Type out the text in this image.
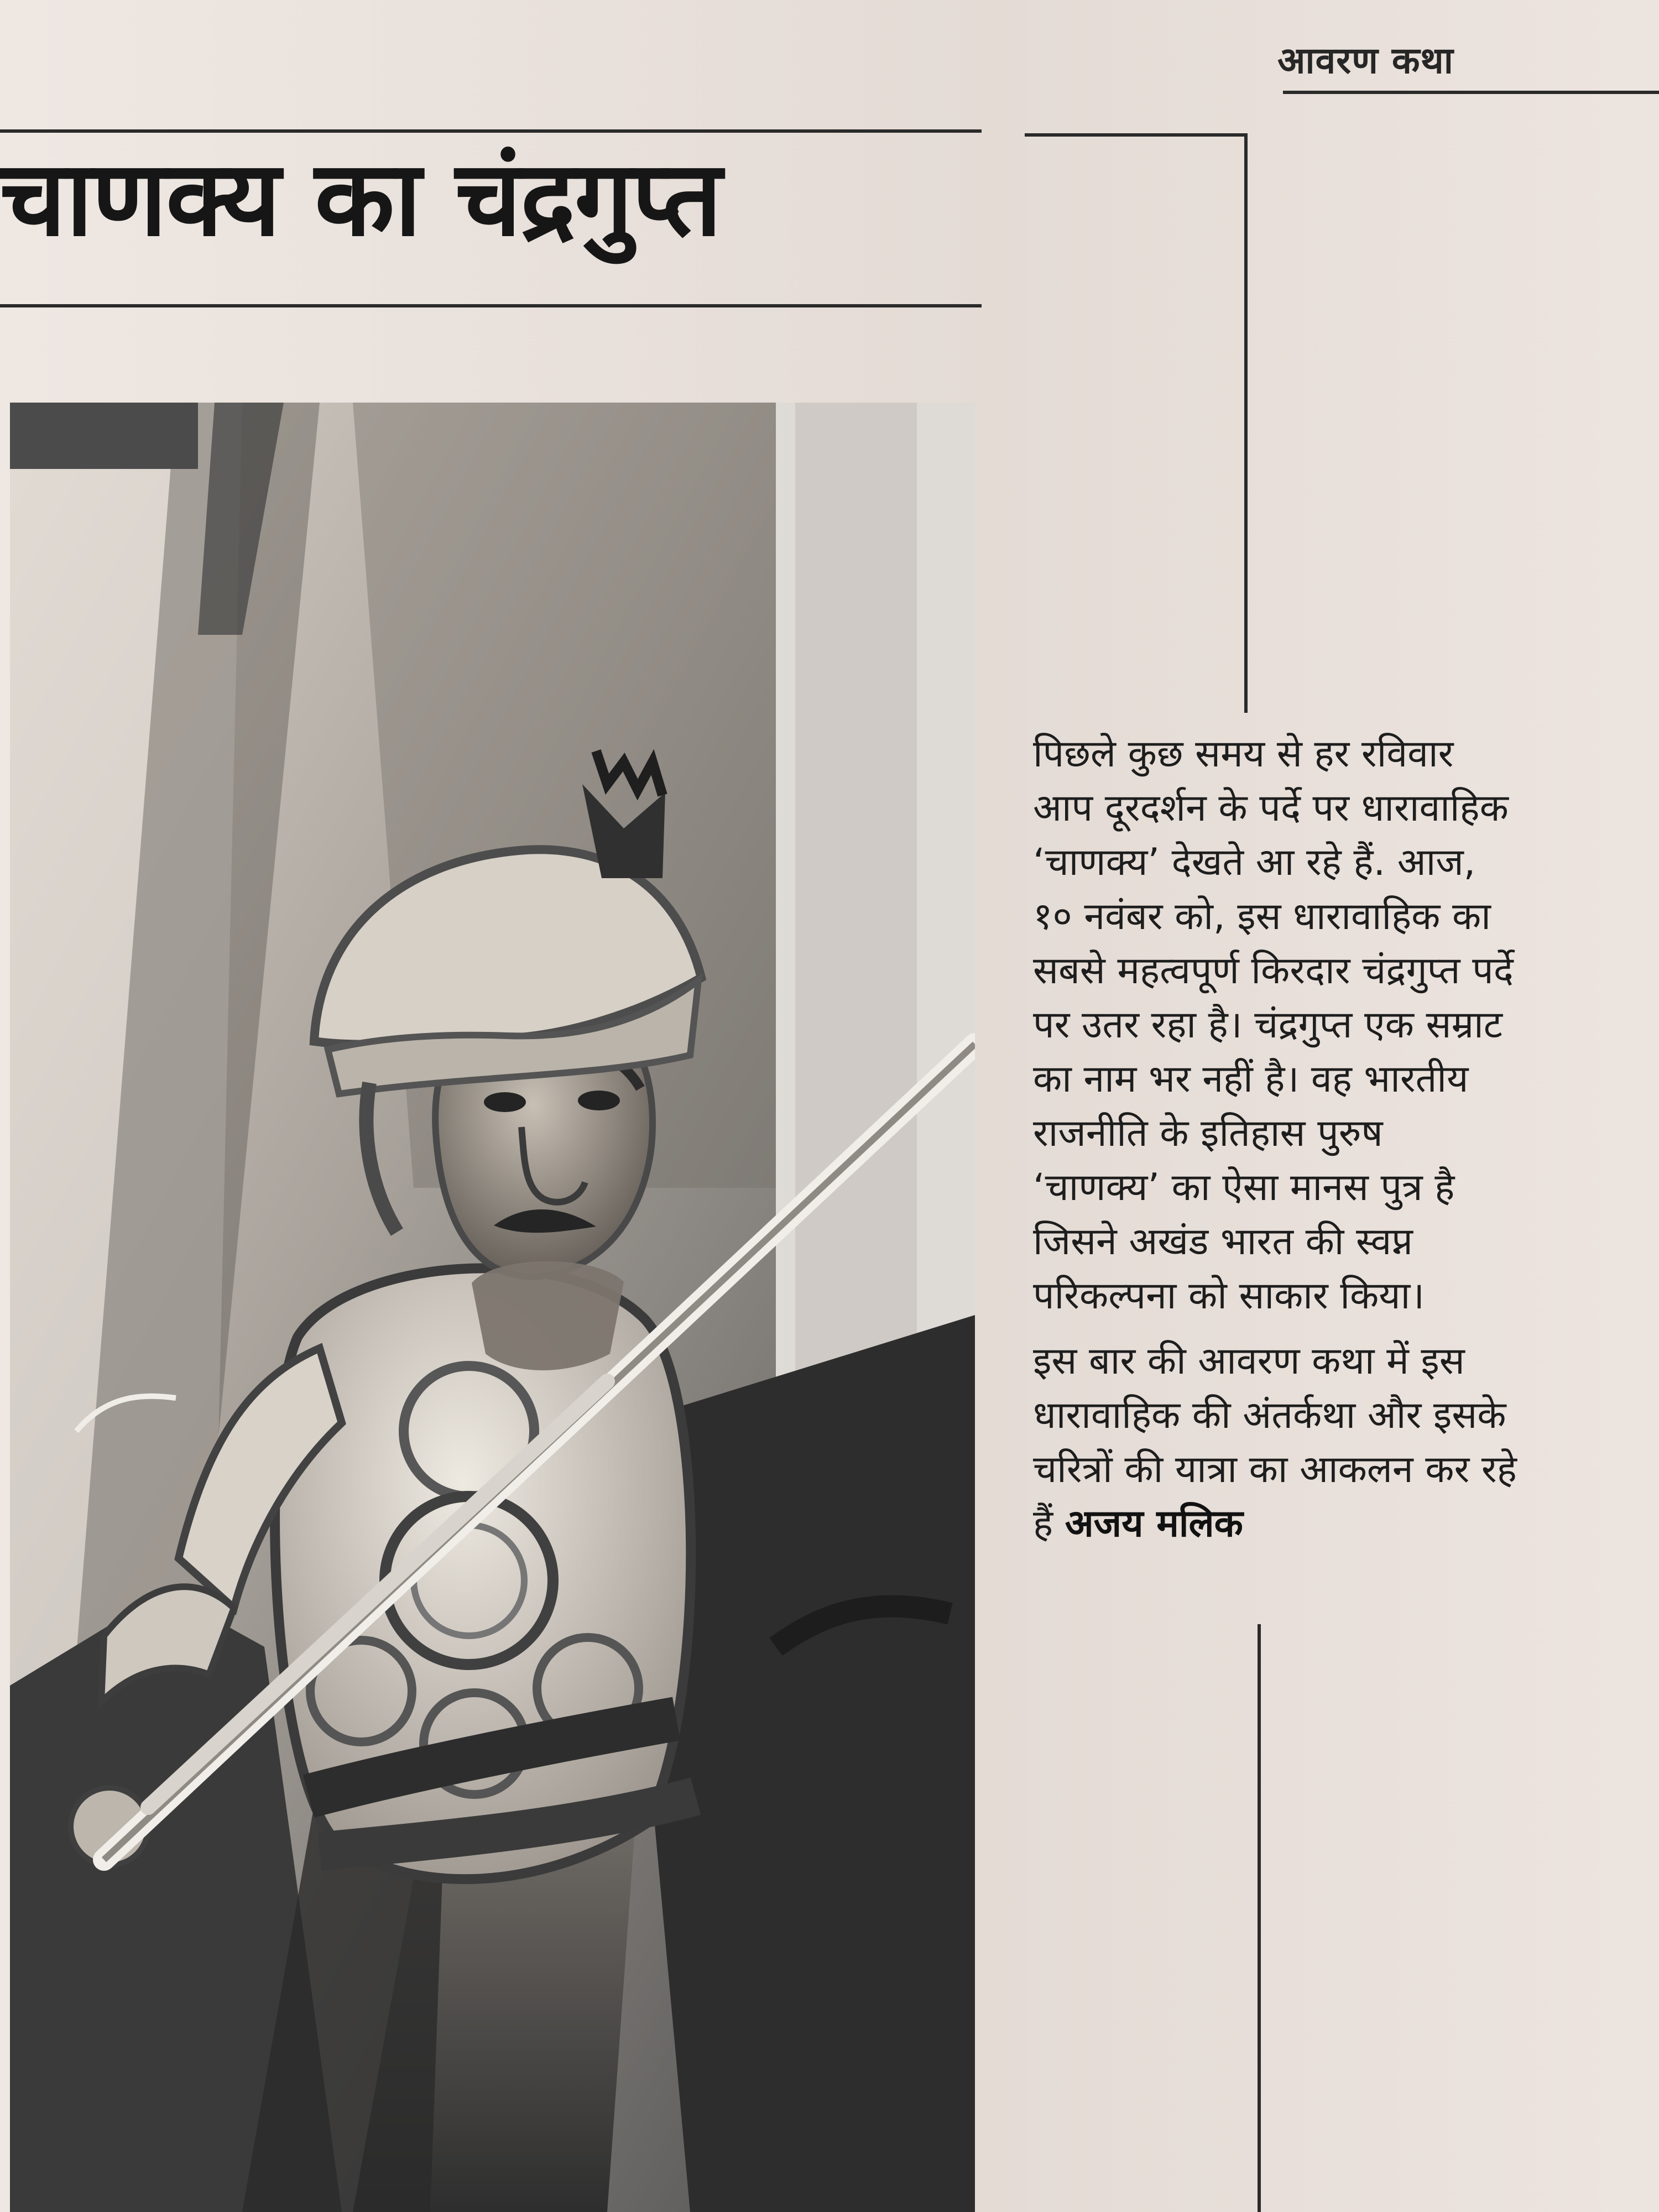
आवरण कथा
चाणक्य का चंद्रगुप्त

पिछले कुछ समय से हर रविवार आप दूरदर्शन के पर्दे पर धारावाहिक ‘चाणक्य’ देखते आ रहे हैं. आज, १० नवंबर को, इस धारावाहिक का सबसे महत्वपूर्ण किरदार चंद्रगुप्त पर्दे पर उतर रहा है। चंद्रगुप्त एक सम्राट का नाम भर नहीं है। वह भारतीय राजनीति के इतिहास पुरुष ‘चाणक्य’ का ऐसा मानस पुत्र है जिसने अखंड भारत की स्वप्न परिकल्पना को साकार किया।

इस बार की आवरण कथा में इस धारावाहिक की अंतर्कथा और इसके चरित्रों की यात्रा का आकलन कर रहे हैं अजय मलिक
